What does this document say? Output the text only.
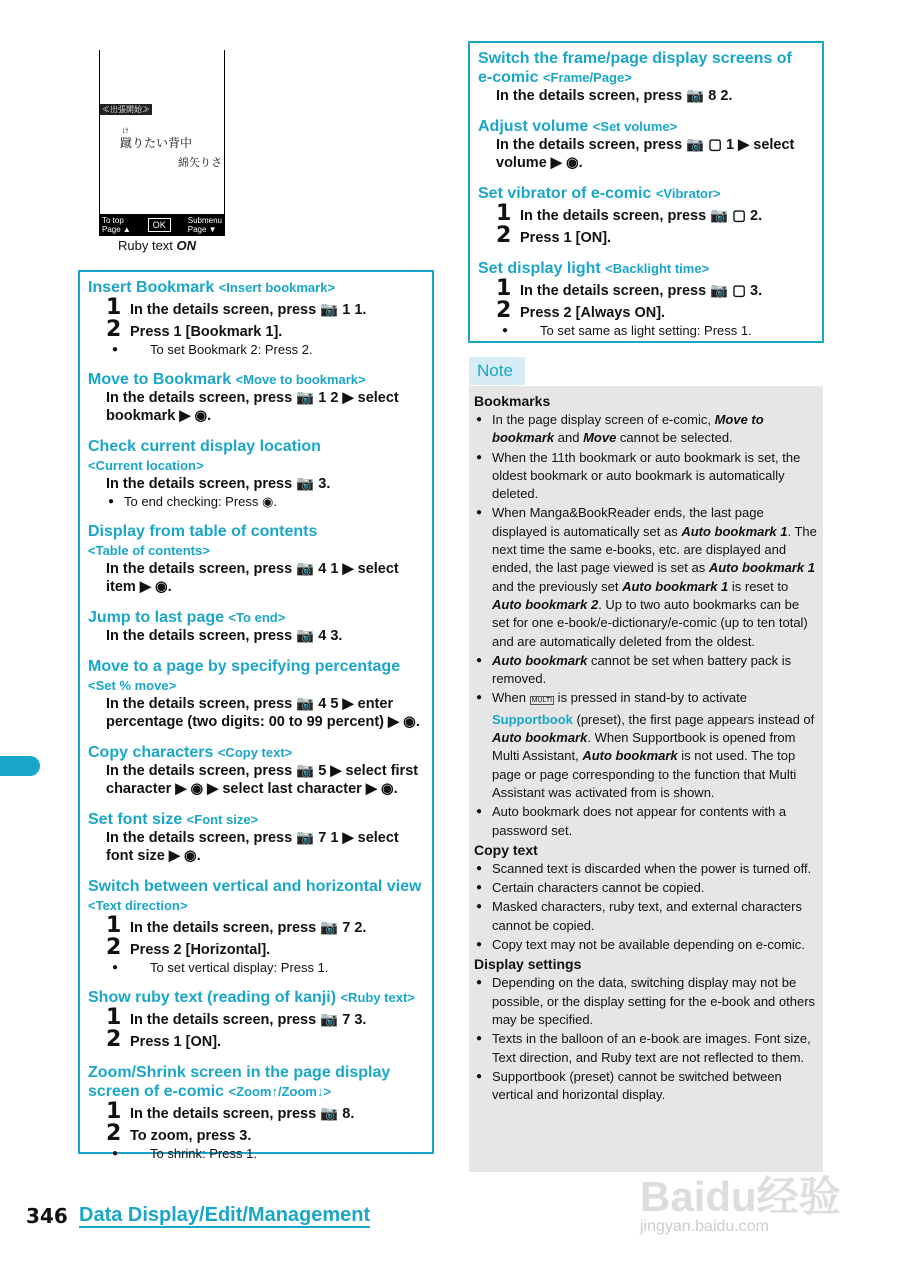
≪出張開始≫
け
蹴りたい背中
綿矢りさ
To top
Page ▲	OK	Submenu
Page ▼
Ruby text ON
Insert Bookmark <Insert bookmark>
1 In the details screen, press 📷 1 1.
2 Press 1 [Bookmark 1].
● To set Bookmark 2: Press 2.
Move to Bookmark <Move to bookmark>
In the details screen, press 📷 1 2 ▶ select
bookmark ▶ ◉.
Check current display location
<Current location>
In the details screen, press 📷 3.
● To end checking: Press ◉.
Display from table of contents
<Table of contents>
In the details screen, press 📷 4 1 ▶ select
item ▶ ◉.
Jump to last page <To end>
In the details screen, press 📷 4 3.
Move to a page by specifying percentage
<Set % move>
In the details screen, press 📷 4 5 ▶ enter
percentage (two digits: 00 to 99 percent) ▶ ◉.
Copy characters <Copy text>
In the details screen, press 📷 5 ▶ select first
character ▶ ◉ ▶ select last character ▶ ◉.
Set font size <Font size>
In the details screen, press 📷 7 1 ▶ select
font size ▶ ◉.
Switch between vertical and horizontal view
<Text direction>
1 In the details screen, press 📷 7 2.
2 Press 2 [Horizontal].
● To set vertical display: Press 1.
Show ruby text (reading of kanji) <Ruby text>
1 In the details screen, press 📷 7 3.
2 Press 1 [ON].
Zoom/Shrink screen in the page display
screen of e-comic <Zoom↑/Zoom↓>
1 In the details screen, press 📷 8.
2 To zoom, press 3.
● To shrink: Press 1.
Switch the frame/page display screens of
e-comic <Frame/Page>
In the details screen, press 📷 8 2.
Adjust volume <Set volume>
In the details screen, press 📷 ▢ 1 ▶ select
volume ▶ ◉.
Set vibrator of e-comic <Vibrator>
1 In the details screen, press 📷 ▢ 2.
2 Press 1 [ON].
Set display light <Backlight time>
1 In the details screen, press 📷 ▢ 3.
2 Press 2 [Always ON].
● To set same as light setting: Press 1.
Note
Bookmarks
● In the page display screen of e-comic, Move to bookmark and Move cannot be selected.
● When the 11th bookmark or auto bookmark is set, the oldest bookmark or auto bookmark is automatically deleted.
● When Manga&BookReader ends, the last page displayed is automatically set as Auto bookmark 1. The next time the same e-books, etc. are displayed and ended, the last page viewed is set as Auto bookmark 1 and the previously set Auto bookmark 1 is reset to Auto bookmark 2. Up to two auto bookmarks can be set for one e-book/e-dictionary/e-comic (up to ten total) and are automatically deleted from the oldest.
● Auto bookmark cannot be set when battery pack is removed.
● When MULTI is pressed in stand-by to activate Supportbook (preset), the first page appears instead of Auto bookmark. When Supportbook is opened from Multi Assistant, Auto bookmark is not used. The top page or page corresponding to the function that Multi Assistant was activated from is shown.
● Auto bookmark does not appear for contents with a password set.
Copy text
● Scanned text is discarded when the power is turned off.
● Certain characters cannot be copied.
● Masked characters, ruby text, and external characters cannot be copied.
● Copy text may not be available depending on e-comic.
Display settings
● Depending on the data, switching display may not be possible, or the display setting for the e-book and others may be specified.
● Texts in the balloon of an e-book are images. Font size, Text direction, and Ruby text are not reflected to them.
● Supportbook (preset) cannot be switched between vertical and horizontal display.
346 Data Display/Edit/Management	Baidu经验
jingyan.baidu.com
